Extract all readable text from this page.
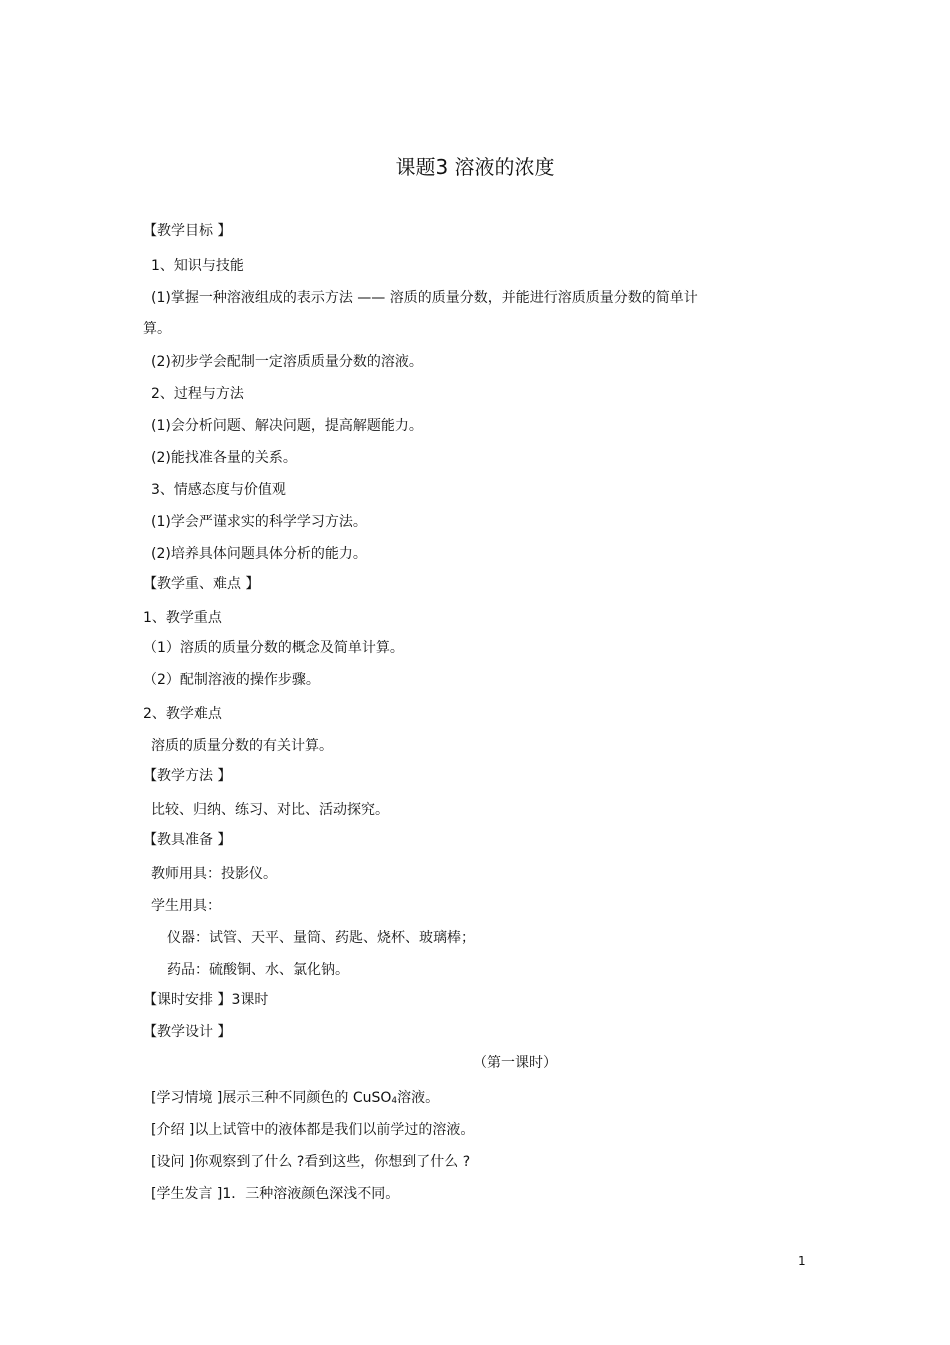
课题3 溶液的浓度
【教学目标 】
1、知识与技能
(1)掌握一种溶液组成的表示方法 —— 溶质的质量分数，并能进行溶质质量分数的简单计
算。
(2)初步学会配制一定溶质质量分数的溶液。
2、过程与方法
(1)会分析问题、解决问题，提高解题能力。
(2)能找准各量的关系。
3、情感态度与价值观
(1)学会严谨求实的科学学习方法。
(2)培养具体问题具体分析的能力。
【教学重、难点 】
1、教学重点
（1）溶质的质量分数的概念及简单计算。
（2）配制溶液的操作步骤。
2、教学难点
溶质的质量分数的有关计算。
【教学方法 】
比较、归纳、练习、对比、活动探究。
【教具准备 】
教师用具：投影仪。
学生用具：
仪器：试管、天平、量筒、药匙、烧杯、玻璃棒；
药品：硫酸铜、水、氯化钠。
【课时安排 】3课时
【教学设计 】
（第一课时）
[学习情境 ]展示三种不同颜色的 CuSO$_4$溶液。
[介绍 ]以上试管中的液体都是我们以前学过的溶液。
[设问 ]你观察到了什么 ?看到这些，你想到了什么 ?
[学生发言 ]1．三种溶液颜色深浅不同。
1
